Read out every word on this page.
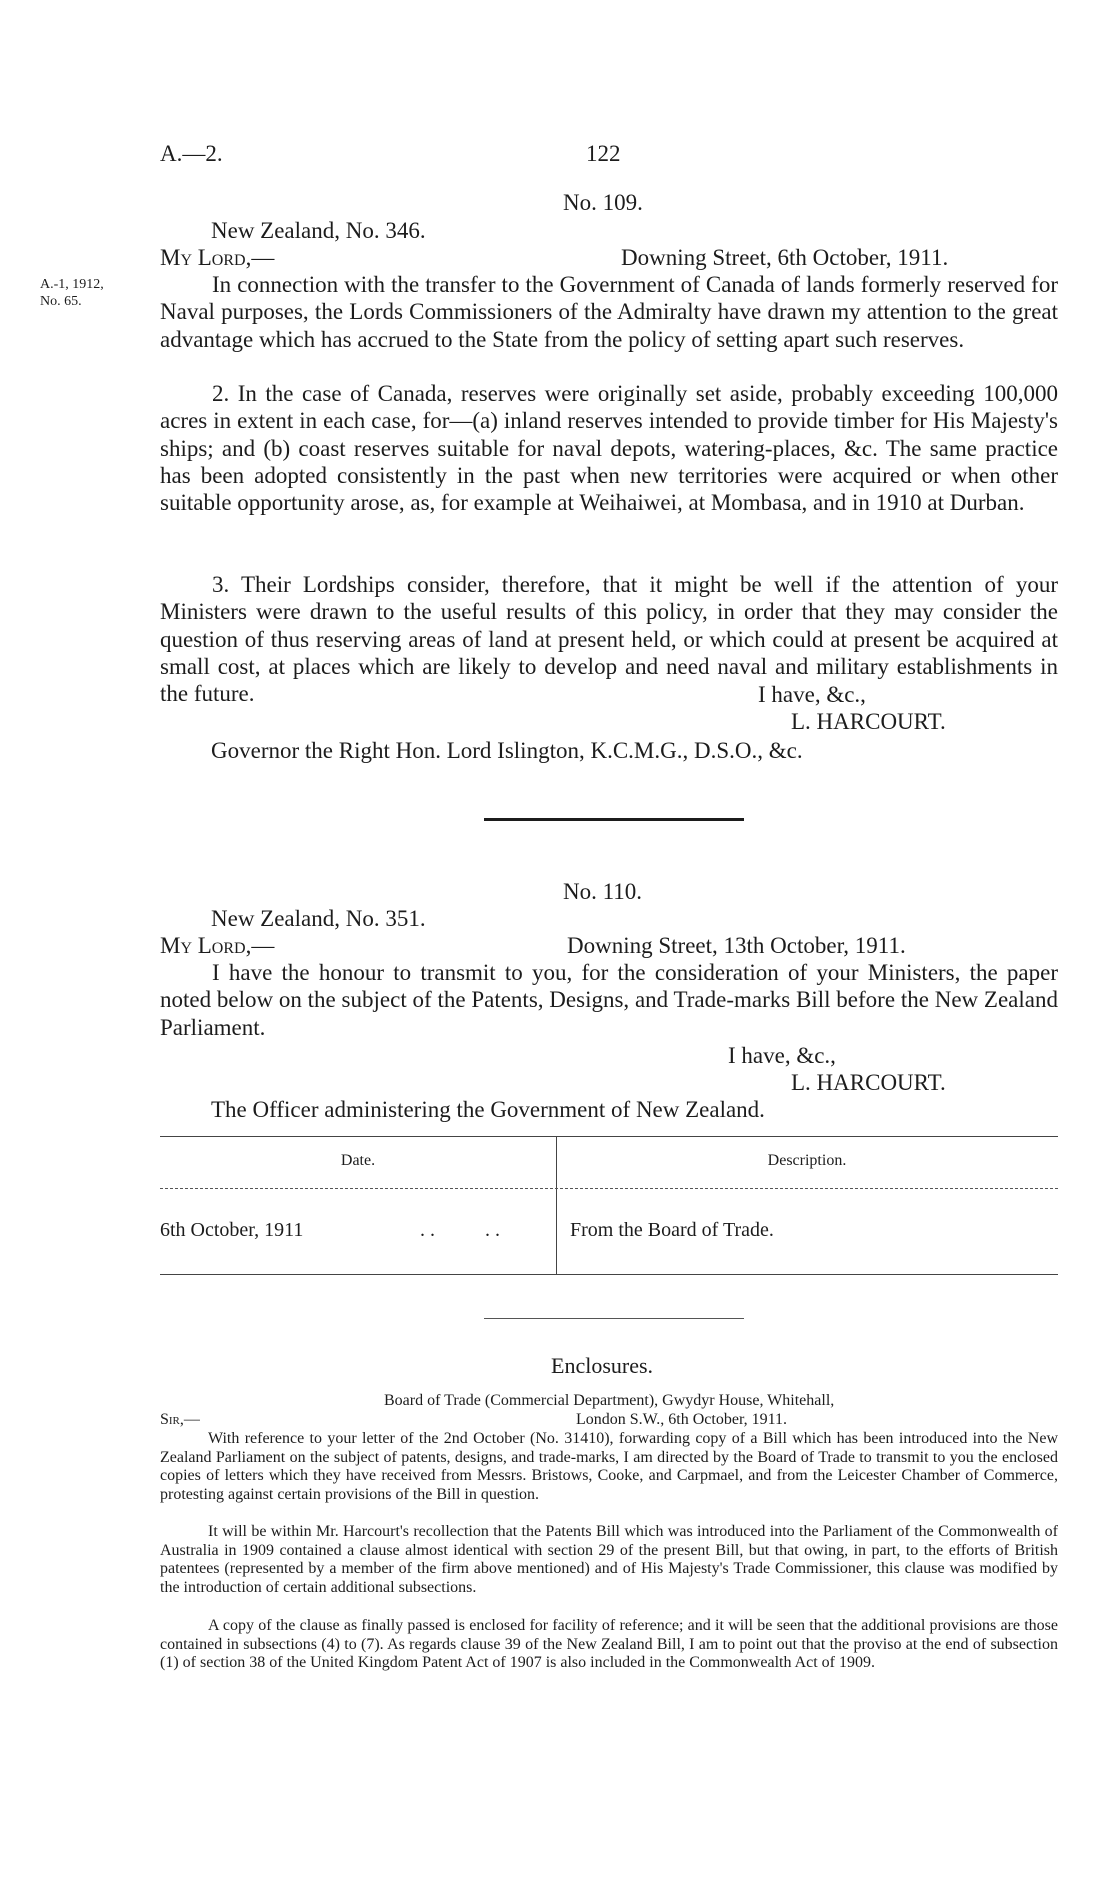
A.—2.	122
No. 109.
New Zealand, No. 346.
My Lord,—	Downing Street, 6th October, 1911.
A.-1, 1912,
No. 65.
In connection with the transfer to the Government of Canada of lands formerly reserved for Naval purposes, the Lords Commissioners of the Admiralty have drawn my attention to the great advantage which has accrued to the State from the policy of setting apart such reserves.
2. In the case of Canada, reserves were originally set aside, probably exceeding 100,000 acres in extent in each case, for—(a) inland reserves intended to provide timber for His Majesty's ships; and (b) coast reserves suitable for naval depots, watering-places, &c. The same practice has been adopted consistently in the past when new territories were acquired or when other suitable opportunity arose, as, for example at Weihaiwei, at Mombasa, and in 1910 at Durban.
3. Their Lordships consider, therefore, that it might be well if the attention of your Ministers were drawn to the useful results of this policy, in order that they may consider the question of thus reserving areas of land at present held, or which could at present be acquired at small cost, at places which are likely to develop and need naval and military establishments in the future.	I have, &c.,
L. HARCOURT.
Governor the Right Hon. Lord Islington, K.C.M.G., D.S.O., &c.
No. 110.
New Zealand, No. 351.
My Lord,—	Downing Street, 13th October, 1911.
I have the honour to transmit to you, for the consideration of your Ministers, the paper noted below on the subject of the Patents, Designs, and Trade-marks Bill before the New Zealand Parliament.
I have, &c.,
L. HARCOURT.
The Officer administering the Government of New Zealand.
Date.	Description.
6th October, 1911	. .          . .	From the Board of Trade.
Enclosures.
Board of Trade (Commercial Department), Gwydyr House, Whitehall,
London S.W., 6th October, 1911.
Sir,—
With reference to your letter of the 2nd October (No. 31410), forwarding copy of a Bill which has been introduced into the New Zealand Parliament on the subject of patents, designs, and trade-marks, I am directed by the Board of Trade to transmit to you the enclosed copies of letters which they have received from Messrs. Bristows, Cooke, and Carpmael, and from the Leicester Chamber of Commerce, protesting against certain provisions of the Bill in question.
It will be within Mr. Harcourt's recollection that the Patents Bill which was introduced into the Parliament of the Commonwealth of Australia in 1909 contained a clause almost identical with section 29 of the present Bill, but that owing, in part, to the efforts of British patentees (represented by a member of the firm above mentioned) and of His Majesty's Trade Commissioner, this clause was modified by the introduction of certain additional subsections.
A copy of the clause as finally passed is enclosed for facility of reference; and it will be seen that the additional provisions are those contained in subsections (4) to (7). As regards clause 39 of the New Zealand Bill, I am to point out that the proviso at the end of subsection (1) of section 38 of the United Kingdom Patent Act of 1907 is also included in the Commonwealth Act of 1909.
